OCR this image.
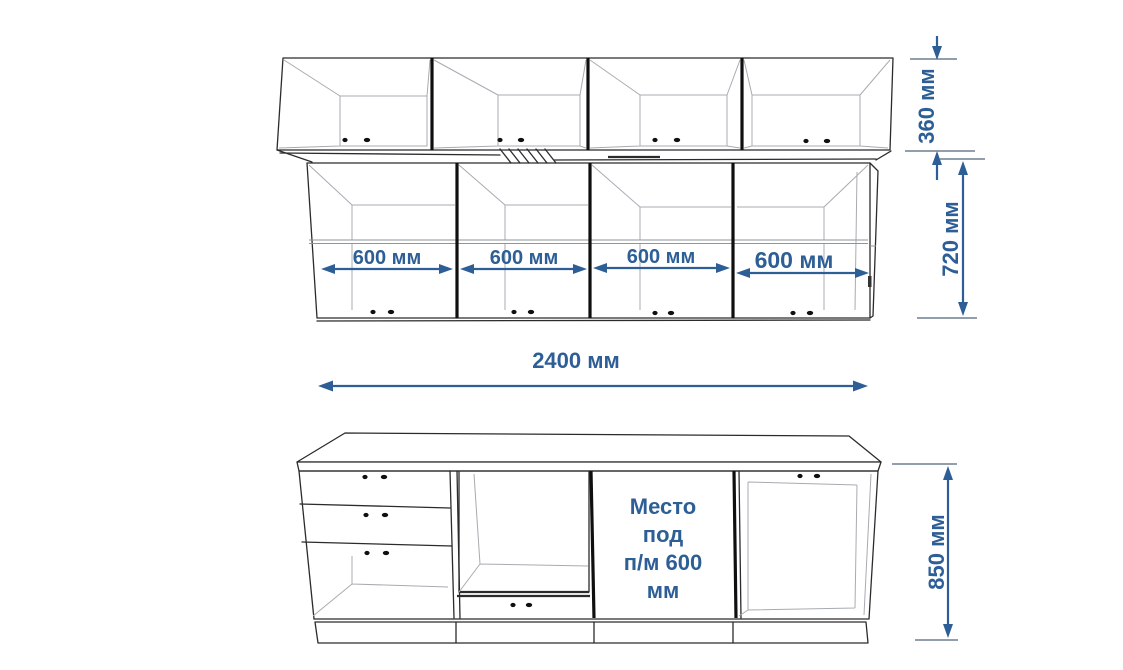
600 мм	600 мм	600 мм	600 мм
2400 мм
360 мм
720 мм
Место
под
п/м 600
мм
850 мм
